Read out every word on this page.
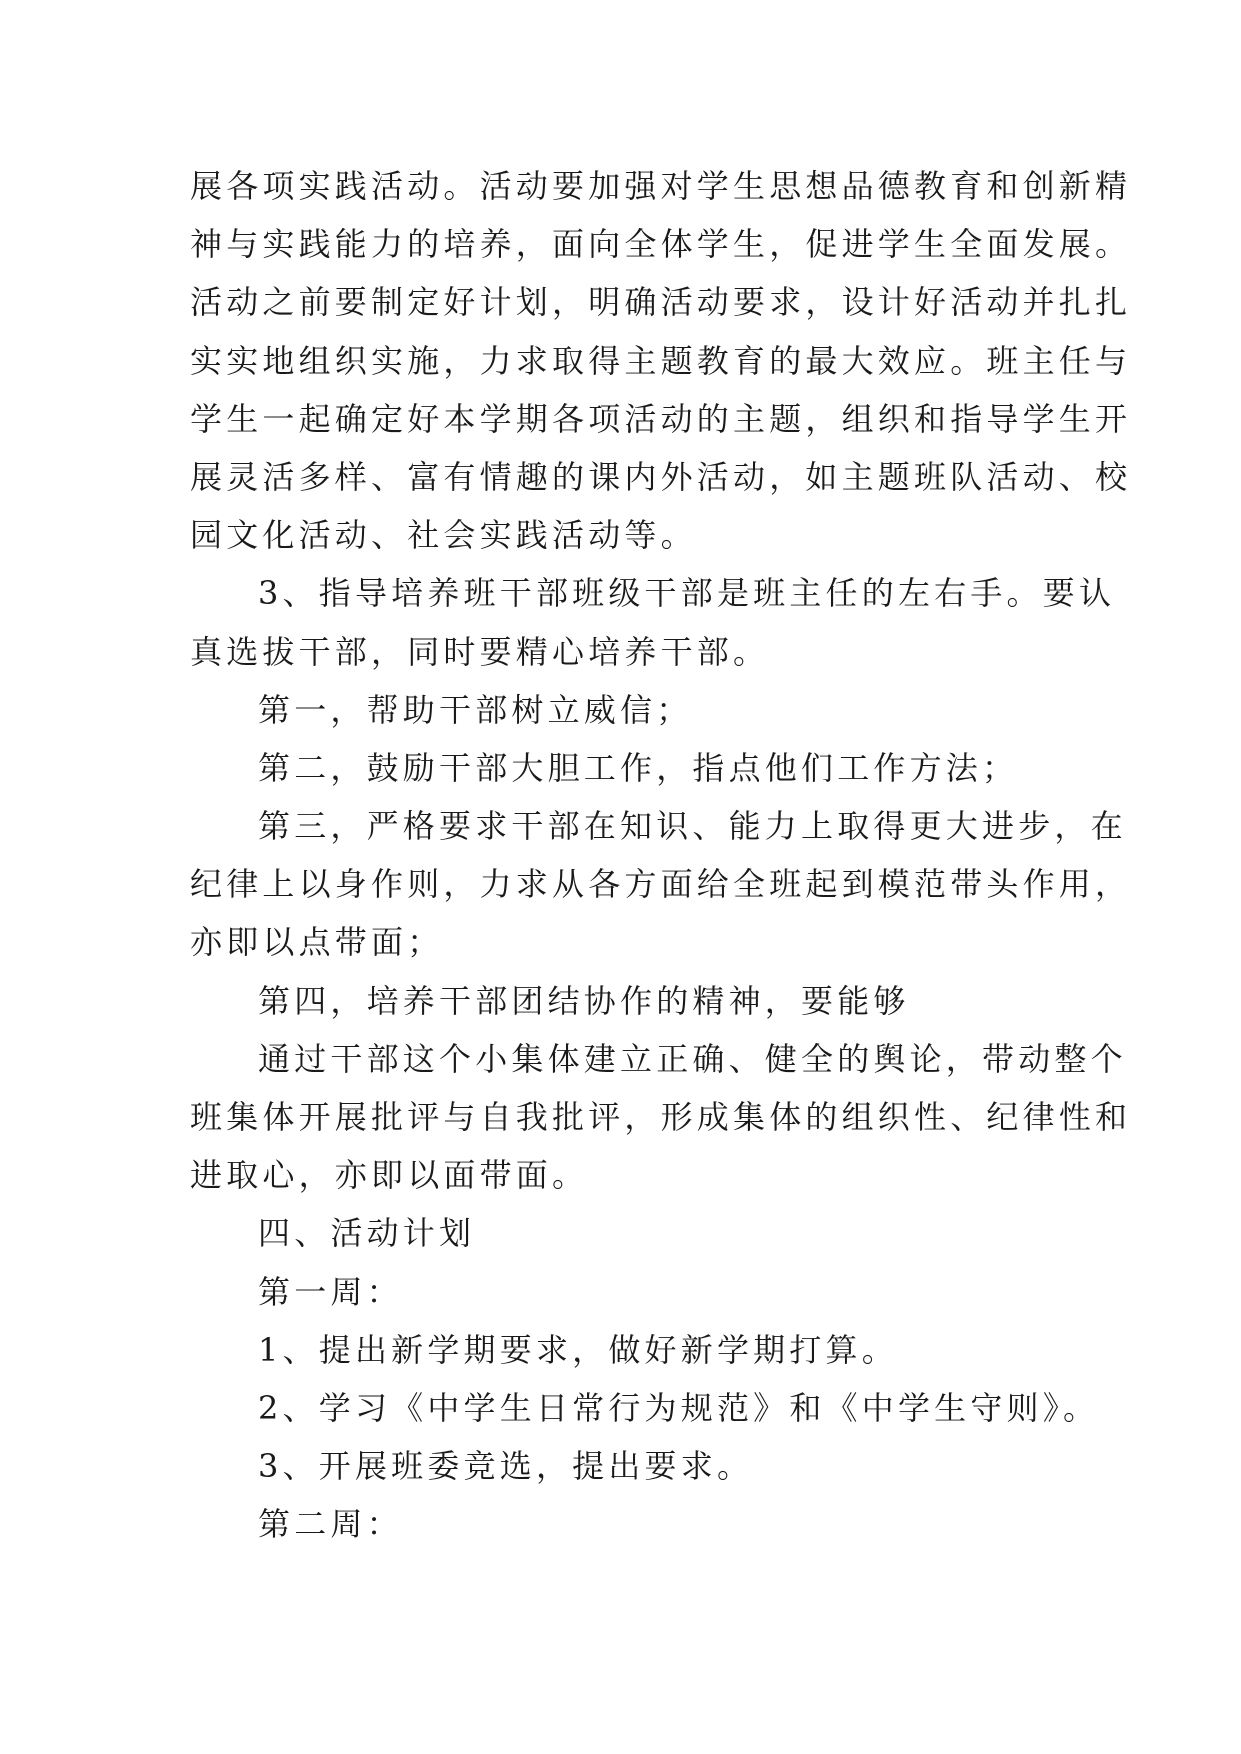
展各项实践活动。活动要加强对学生思想品德教育和创新精
神与实践能力的培养，面向全体学生，促进学生全面发展。
活动之前要制定好计划，明确活动要求，设计好活动并扎扎
实实地组织实施，力求取得主题教育的最大效应。班主任与
学生一起确定好本学期各项活动的主题，组织和指导学生开
展灵活多样、富有情趣的课内外活动，如主题班队活动、校
园文化活动、社会实践活动等。
3、指导培养班干部班级干部是班主任的左右手。要认
真选拔干部，同时要精心培养干部。
第一，帮助干部树立威信；
第二，鼓励干部大胆工作，指点他们工作方法；
第三，严格要求干部在知识、能力上取得更大进步，在
纪律上以身作则，力求从各方面给全班起到模范带头作用，
亦即以点带面；
第四，培养干部团结协作的精神，要能够
通过干部这个小集体建立正确、健全的舆论，带动整个
班集体开展批评与自我批评，形成集体的组织性、纪律性和
进取心，亦即以面带面。
四、活动计划
第一周：
1、提出新学期要求，做好新学期打算。
2、学习《中学生日常行为规范》和《中学生守则》。
3、开展班委竞选，提出要求。
第二周：
